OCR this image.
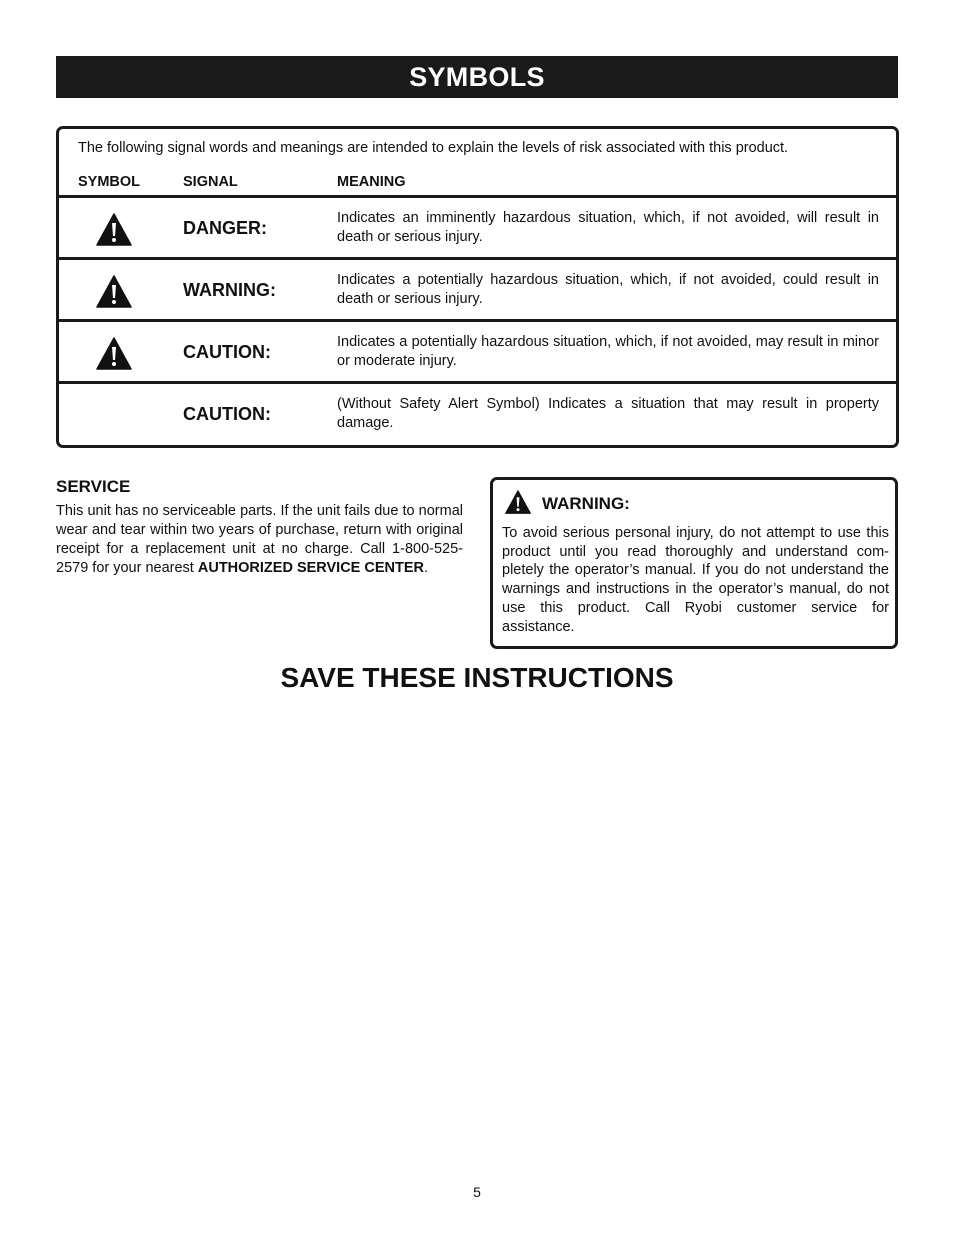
SYMBOLS
The following signal words and meanings are intended to explain the levels of risk associated with this product.
SYMBOL	SIGNAL	MEANING
DANGER:	Indicates an imminently hazardous situation, which, if not avoided, will result in death or serious injury.
WARNING:	Indicates a potentially hazardous situation, which, if not avoided, could result in death or serious injury.
CAUTION:	Indicates a potentially hazardous situation, which, if not avoided, may result in minor or moderate injury.
CAUTION:	(Without Safety Alert Symbol) Indicates a situation that may result in property damage.
SERVICE
This unit has no serviceable parts. If the unit fails due to normal wear and tear within two years of purchase, return with original receipt for a replacement unit at no charge. Call 1-800-525-2579 for your nearest AUTHORIZED SERVICE CENTER.
WARNING:
To avoid serious personal injury, do not attempt to use this product until you read thoroughly and understand com-pletely the operator’s manual. If you do not understand the warnings and instructions in the operator’s manual, do not use this product. Call Ryobi customer service for assistance.
SAVE THESE INSTRUCTIONS
5
